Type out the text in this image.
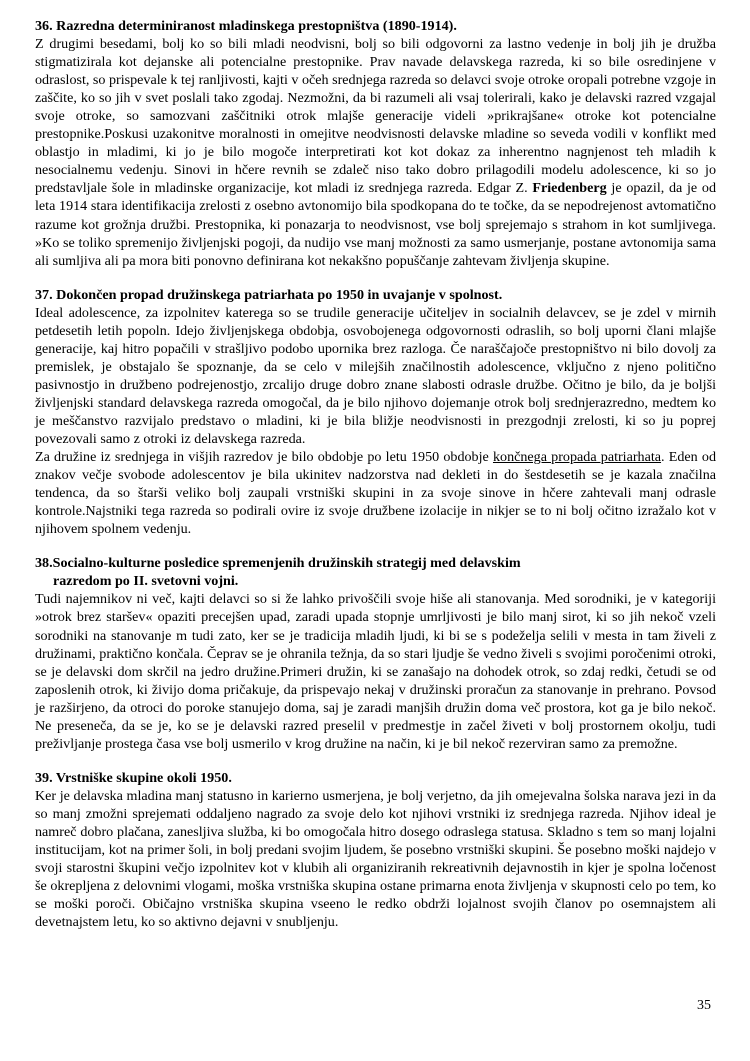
36. Razredna determiniranost mladinskega prestopništva (1890-1914).

Z drugimi besedami, bolj ko so bili mladi neodvisni, bolj so bili odgovorni za lastno vedenje in bolj jih je družba stigmatizirala kot dejanske ali potencialne prestopnike. Prav navade delavskega razreda, ki so bile osredinjene v odraslost, so prispevale k tej ranljivosti, kajti v očeh srednjega razreda so delavci svoje otroke oropali potrebne vzgoje in zaščite, ko so jih v svet poslali tako zgodaj. Nezmožni, da bi razumeli ali vsaj tolerirali, kako je delavski razred vzgajal svoje otroke, so samozvani zaščitniki otrok mlajše generacije videli »prikrajšane« otroke kot potencialne prestopnike.Poskusi uzakonitve moralnosti in omejitve neodvisnosti delavske mladine so seveda vodili v konflikt med oblastjo in mladimi, ki jo je bilo mogoče interpretirati kot kot dokaz za inherentno nagnjenost teh mladih k nesocialnemu vedenju. Sinovi in hčere revnih se zdaleč niso tako dobro prilagodili modelu adolescence, ki so jo predstavljale šole in mladinske organizacije, kot mladi iz srednjega razreda. Edgar Z. Friedenberg je opazil, da je od leta 1914 stara identifikacija zrelosti z osebno avtonomijo bila spodkopana do te točke, da se nepodrejenost avtomatično razume kot grožnja družbi. Prestopnika, ki ponazarja to neodvisnost, vse bolj sprejemajo s strahom in kot sumljivega. »Ko se toliko spremenijo življenjski pogoji, da nudijo vse manj možnosti za samo usmerjanje, postane avtonomija sama ali sumljiva ali pa mora biti ponovno definirana kot nekakšno popuščanje zahtevam življenja skupine.

37. Dokončen propad družinskega patriarhata po 1950 in uvajanje v spolnost.

Ideal adolescence, za izpolnitev katerega so se trudile generacije učiteljev in socialnih delavcev, se je zdel v mirnih petdesetih letih popoln. Idejo življenjskega obdobja, osvobojenega odgovornosti odraslih, so bolj uporni člani mlajše generacije, kaj hitro popačili v strašljivo podobo upornika brez razloga. Če naraščajoče prestopništvo ni bilo dovolj za premislek, je obstajalo še spoznanje, da se celo v milejših značilnostih adolescence, vključno z njeno politično pasivnostjo in družbeno podrejenostjo, zrcalijo druge dobro znane slabosti odrasle družbe. Očitno je bilo, da je boljši življenjski standard delavskega razreda omogočal, da je bilo njihovo dojemanje otrok bolj srednjerazredno, medtem ko je meščanstvo razvijalo predstavo o mladini, ki je bila bližje neodvisnosti in prezgodnji zrelosti, ki so ju poprej povezovali samo z otroki iz delavskega razreda.

Za družine iz srednjega in višjih razredov je bilo obdobje po letu 1950 obdobje končnega propada patriarhata. Eden od znakov večje svobode adolescentov je bila ukinitev nadzorstva nad dekleti in do šestdesetih se je kazala značilna tendenca, da so štarši veliko bolj zaupali vrstniški skupini in za svoje sinove in hčere zahtevali manj odrasle kontrole.Najstniki tega razreda so podirali ovire iz svoje družbene izolacije in nikjer se to ni bolj očitno izražalo kot v njihovem spolnem vedenju.

38.Socialno-kulturne posledice spremenjenih družinskih strategij med delavskim
razredom po II. svetovni vojni.

Tudi najemnikov ni več, kajti delavci so si že lahko privoščili svoje hiše ali stanovanja. Med sorodniki, je v kategoriji »otrok brez staršev« opaziti precejšen upad, zaradi upada stopnje umrljivosti je bilo manj sirot, ki so jih nekoč vzeli sorodniki na stanovanje m tudi zato, ker se je tradicija mladih ljudi, ki bi se s podeželja selili v mesta in tam živeli z družinami, praktično končala. Čeprav se je ohranila težnja, da so stari ljudje še vedno živeli s svojimi poročenimi otroki, se je delavski dom skrčil na jedro družine.Primeri družin, ki se zanašajo na dohodek otrok, so zdaj redki, četudi se od zaposlenih otrok, ki živijo doma pričakuje, da prispevajo nekaj v družinski proračun za stanovanje in prehrano. Povsod je razširjeno, da otroci do poroke stanujejo doma, saj je zaradi manjših družin doma več prostora, kot ga je bilo nekoč. Ne preseneča, da se je, ko se je delavski razred preselil v predmestje in začel živeti v bolj prostornem okolju, tudi preživljanje prostega časa vse bolj usmerilo v krog družine na način, ki je bil nekoč rezerviran samo za premožne.

39. Vrstniške skupine okoli 1950.

Ker je delavska mladina manj statusno in karierno usmerjena, je bolj verjetno, da jih omejevalna šolska narava jezi in da so manj zmožni sprejemati oddaljeno nagrado za svoje delo kot njihovi vrstniki iz srednjega razreda. Njihov ideal je namreč dobro plačana, zanesljiva služba, ki bo omogočala hitro dosego odraslega statusa. Skladno s tem so manj lojalni institucijam, kot na primer šoli, in bolj predani svojim ljudem, še posebno vrstniški skupini. Še posebno moški najdejo v svoji starostni škupini večjo izpolnitev kot v klubih ali organiziranih rekreativnih dejavnostih in kjer je spolna ločenost še okrepljena z delovnimi vlogami, moška vrstniška skupina ostane primarna enota življenja v skupnosti celo po tem, ko se moški poroči. Običajno vrstniška skupina vseeno le redko obdrži lojalnost svojih članov po osemnajstem ali devetnajstem letu, ko so aktivno dejavni v snubljenju.

35
